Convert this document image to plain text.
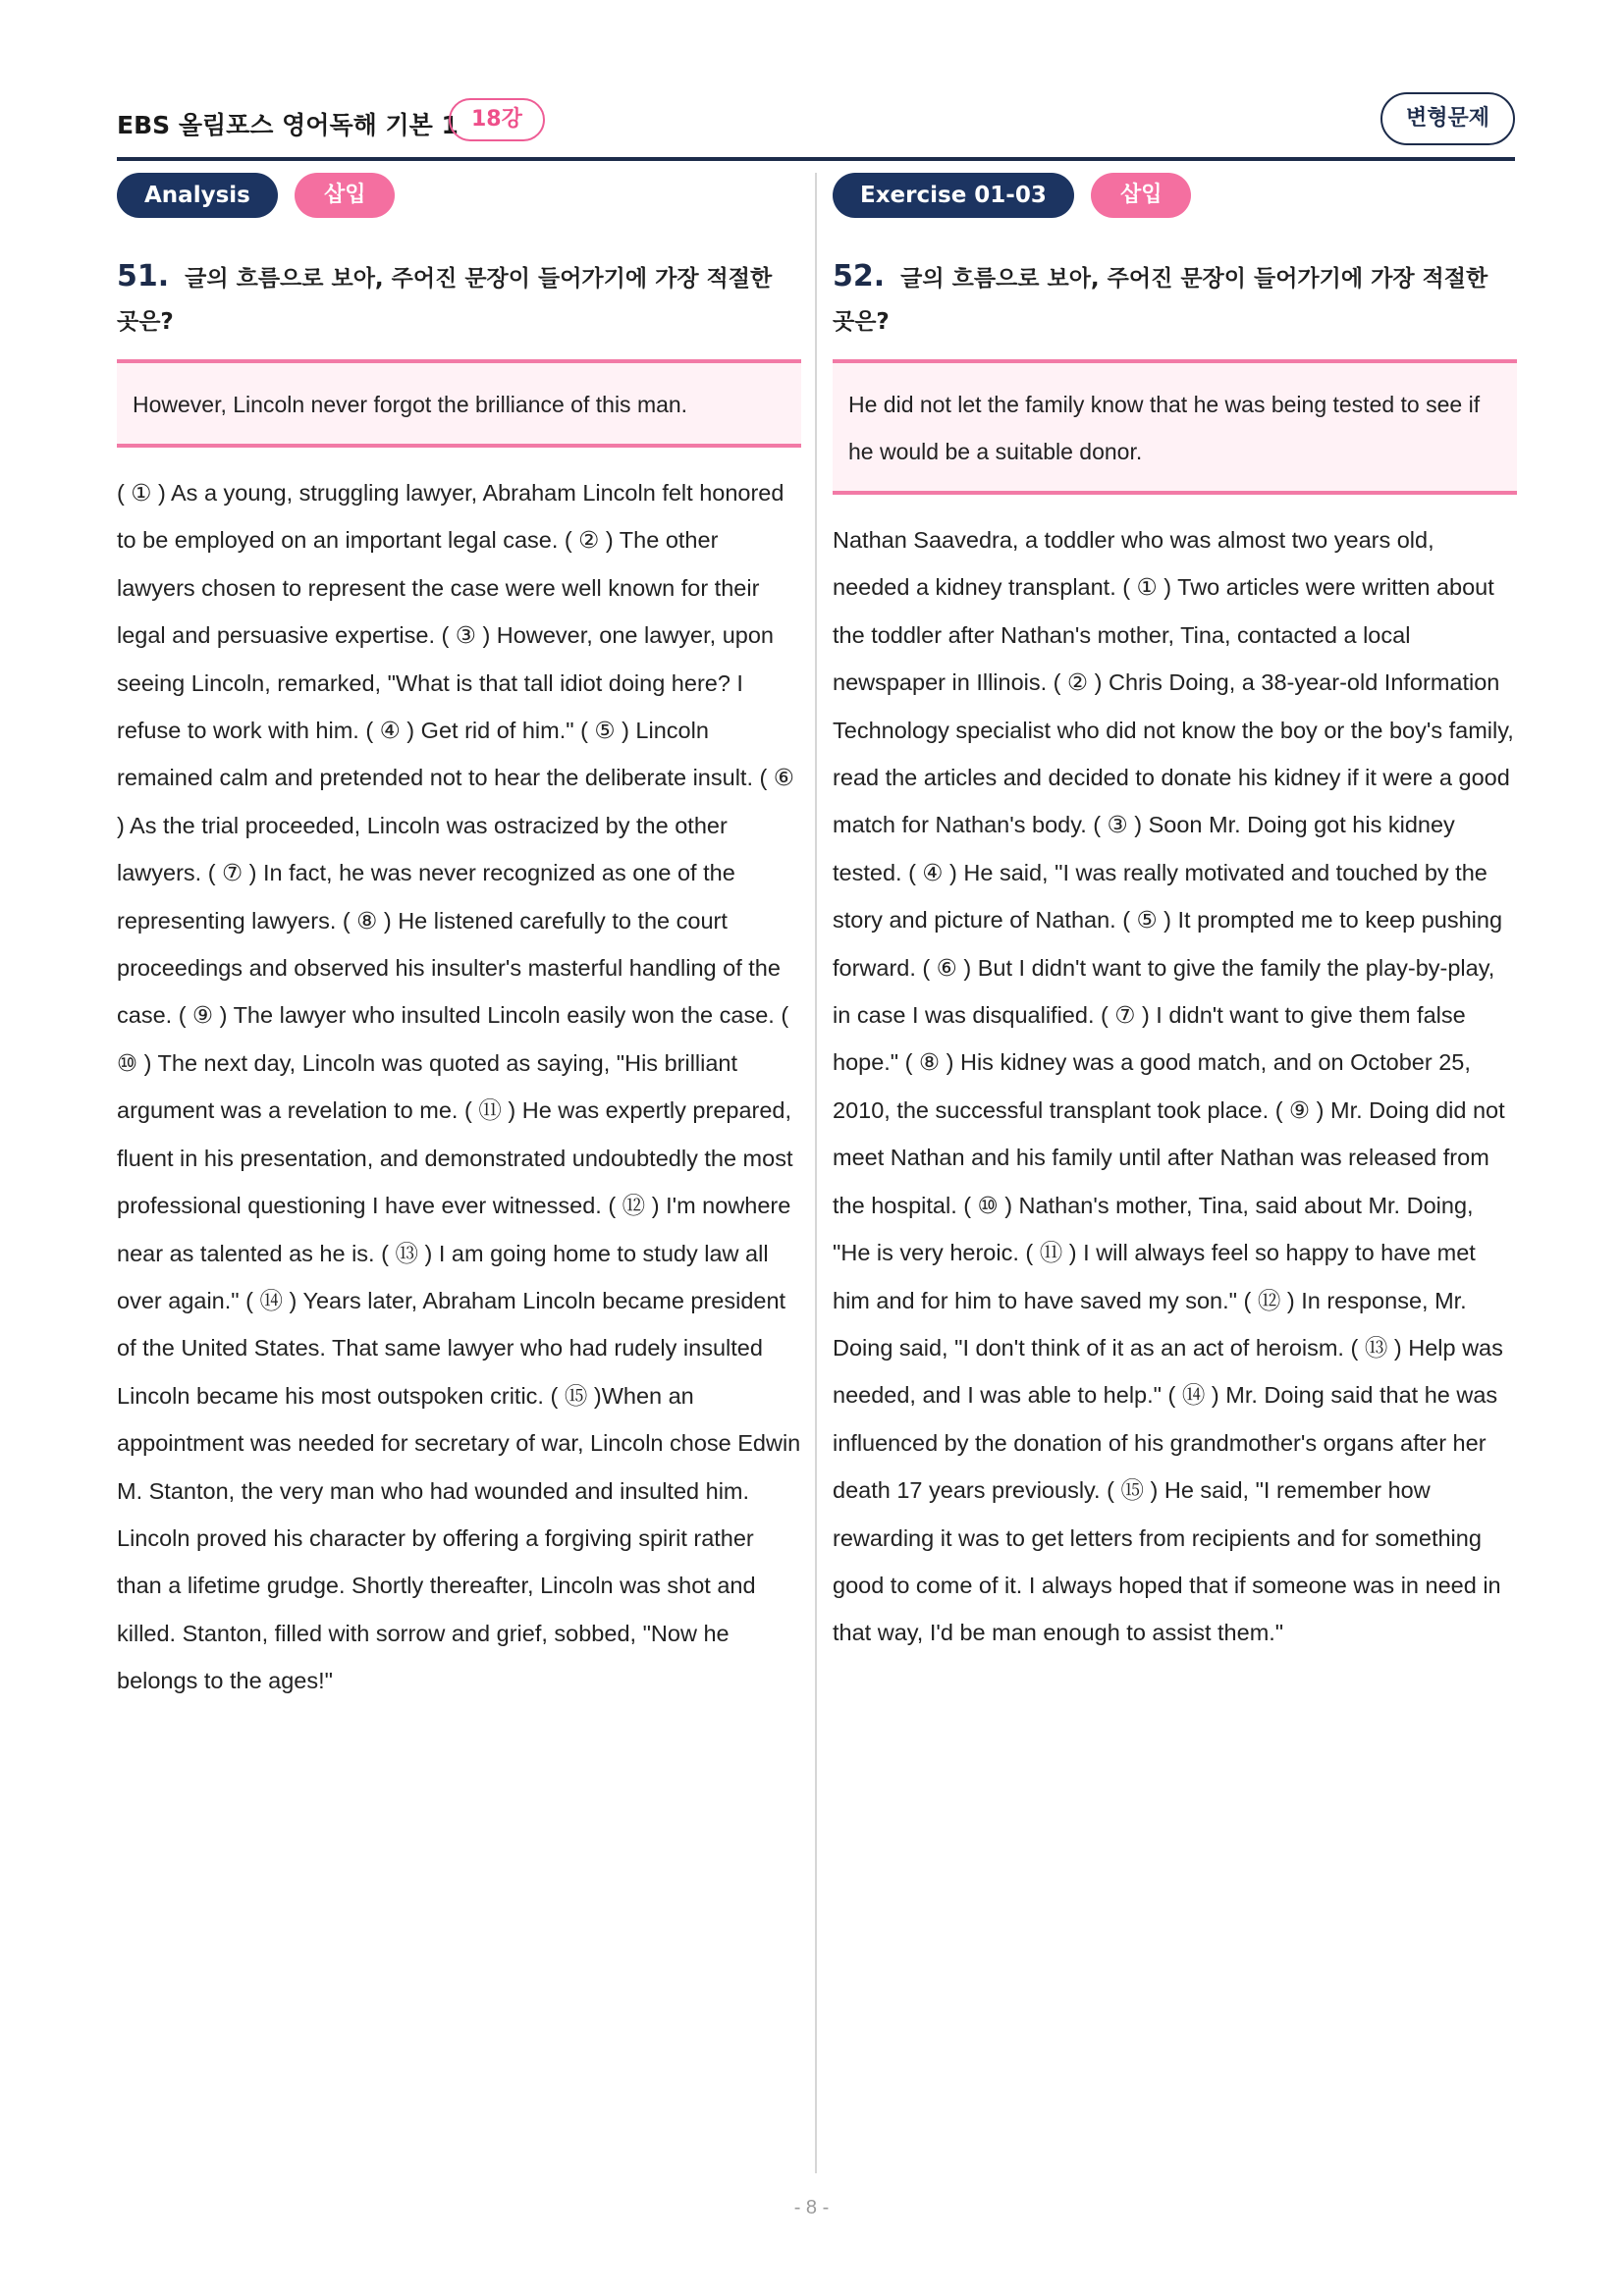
EBS 올림포스 영어독해 기본 1 18강	변형문제
Analysis	삽입
51. 글의 흐름으로 보아, 주어진 문장이 들어가기에 가장 적절한 곳은?
However, Lincoln never forgot the brilliance of this man.
( ① ) As a young, struggling lawyer, Abraham Lincoln felt honored to be employed on an important legal case. ( ② ) The other lawyers chosen to represent the case were well known for their legal and persuasive expertise. ( ③ ) However, one lawyer, upon seeing Lincoln, remarked, "What is that tall idiot doing here? I refuse to work with him. ( ④ ) Get rid of him." ( ⑤ ) Lincoln remained calm and pretended not to hear the deliberate insult. ( ⑥ ) As the trial proceeded, Lincoln was ostracized by the other lawyers. ( ⑦ ) In fact, he was never recognized as one of the representing lawyers. ( ⑧ ) He listened carefully to the court proceedings and observed his insulter's masterful handling of the case. ( ⑨ ) The lawyer who insulted Lincoln easily won the case. ( ⑩ ) The next day, Lincoln was quoted as saying, "His brilliant argument was a revelation to me. ( ⑪ ) He was expertly prepared, fluent in his presentation, and demonstrated undoubtedly the most professional questioning I have ever witnessed. ( ⑫ ) I'm nowhere near as talented as he is. ( ⑬ ) I am going home to study law all over again." ( ⑭ ) Years later, Abraham Lincoln became president of the United States. That same lawyer who had rudely insulted Lincoln became his most outspoken critic. ( ⑮ )When an appointment was needed for secretary of war, Lincoln chose Edwin M. Stanton, the very man who had wounded and insulted him. Lincoln proved his character by offering a forgiving spirit rather than a lifetime grudge. Shortly thereafter, Lincoln was shot and killed. Stanton, filled with sorrow and grief, sobbed, "Now he belongs to the ages!"
Exercise 01-03	삽입
52. 글의 흐름으로 보아, 주어진 문장이 들어가기에 가장 적절한 곳은?
He did not let the family know that he was being tested to see if he would be a suitable donor.
Nathan Saavedra, a toddler who was almost two years old, needed a kidney transplant. ( ① ) Two articles were written about the toddler after Nathan's mother, Tina, contacted a local newspaper in Illinois. ( ② ) Chris Doing, a 38-year-old Information Technology specialist who did not know the boy or the boy's family, read the articles and decided to donate his kidney if it were a good match for Nathan's body. ( ③ ) Soon Mr. Doing got his kidney tested. ( ④ ) He said, "I was really motivated and touched by the story and picture of Nathan. ( ⑤ ) It prompted me to keep pushing forward. ( ⑥ ) But I didn't want to give the family the play-by-play, in case I was disqualified. ( ⑦ ) I didn't want to give them false hope." ( ⑧ ) His kidney was a good match, and on October 25, 2010, the successful transplant took place. ( ⑨ ) Mr. Doing did not meet Nathan and his family until after Nathan was released from the hospital. ( ⑩ ) Nathan's mother, Tina, said about Mr. Doing, "He is very heroic. ( ⑪ ) I will always feel so happy to have met him and for him to have saved my son." ( ⑫ ) In response, Mr. Doing said, "I don't think of it as an act of heroism. ( ⑬ ) Help was needed, and I was able to help." ( ⑭ ) Mr. Doing said that he was influenced by the donation of his grandmother's organs after her death 17 years previously. ( ⑮ ) He said, "I remember how rewarding it was to get letters from recipients and for something good to come of it. I always hoped that if someone was in need in that way, I'd be man enough to assist them."
- 8 -
